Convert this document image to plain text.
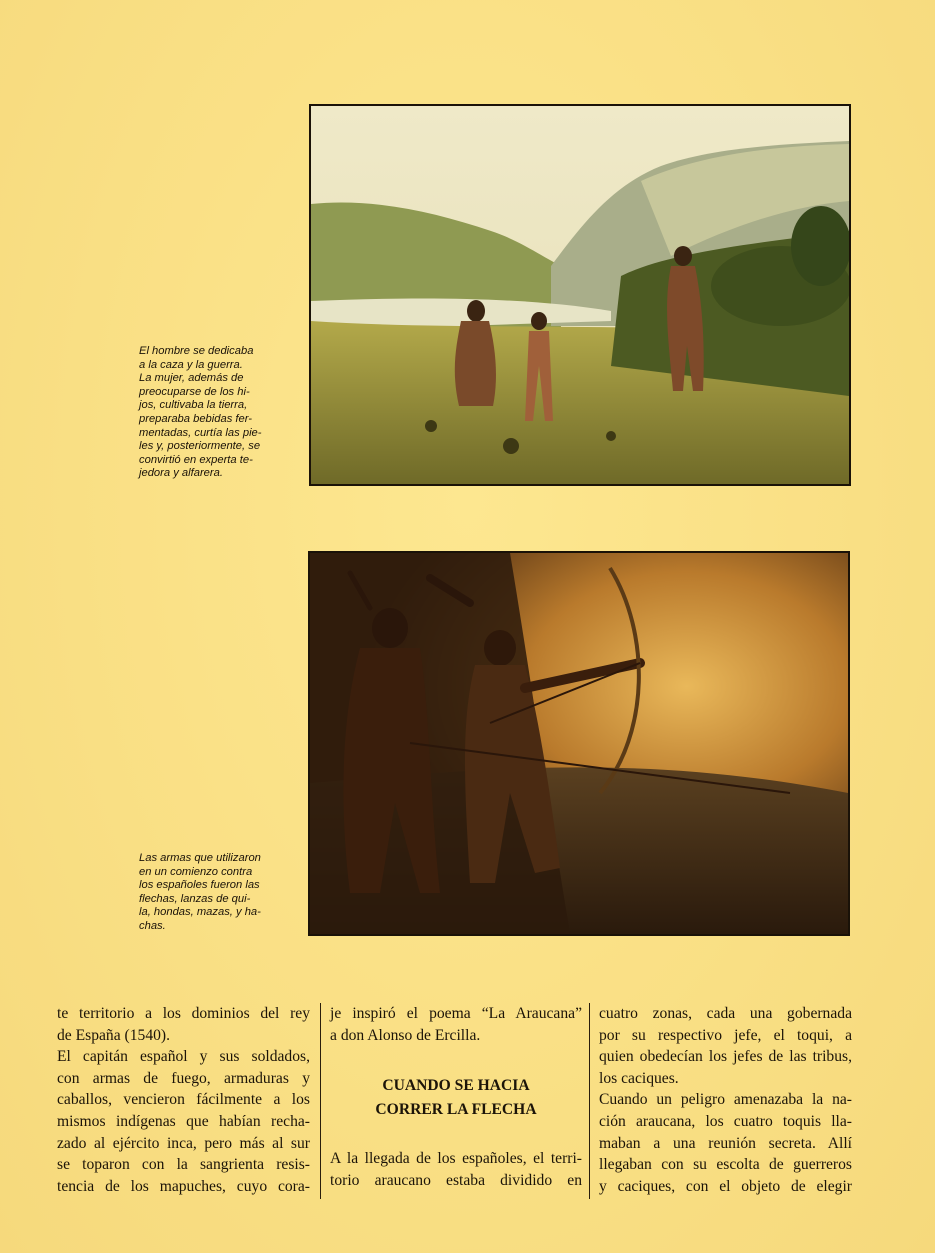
El hombre se dedicaba
a la caza y la guerra.
La mujer, además de
preocuparse de los hi-
jos, cultivaba la tierra,
preparaba bebidas fer-
mentadas, curtía las pie-
les y, posteriormente, se
convirtió en experta te-
jedora y alfarera.

Las armas que utilizaron
en un comienzo contra
los españoles fueron las
flechas, lanzas de qui-
la, hondas, mazas, y ha-
chas.

te territorio a los dominios del rey
de España (1540).
El capitán español y sus soldados,
con armas de fuego, armaduras y
caballos, vencieron fácilmente a los
mismos indígenas que habían recha-
zado al ejército inca, pero más al sur
se toparon con la sangrienta resis-
tencia de los mapuches, cuyo cora-
je inspiró el poema “La Araucana”
a don Alonso de Ercilla.
CUANDO SE HACIA
CORRER LA FLECHA
A la llegada de los españoles, el terri-
torio araucano estaba dividido en
cuatro zonas, cada una gobernada
por su respectivo jefe, el toqui, a
quien obedecían los jefes de las tribus,
los caciques.
Cuando un peligro amenazaba la na-
ción araucana, los cuatro toquis lla-
maban a una reunión secreta. Allí
llegaban con su escolta de guerreros
y caciques, con el objeto de elegir
